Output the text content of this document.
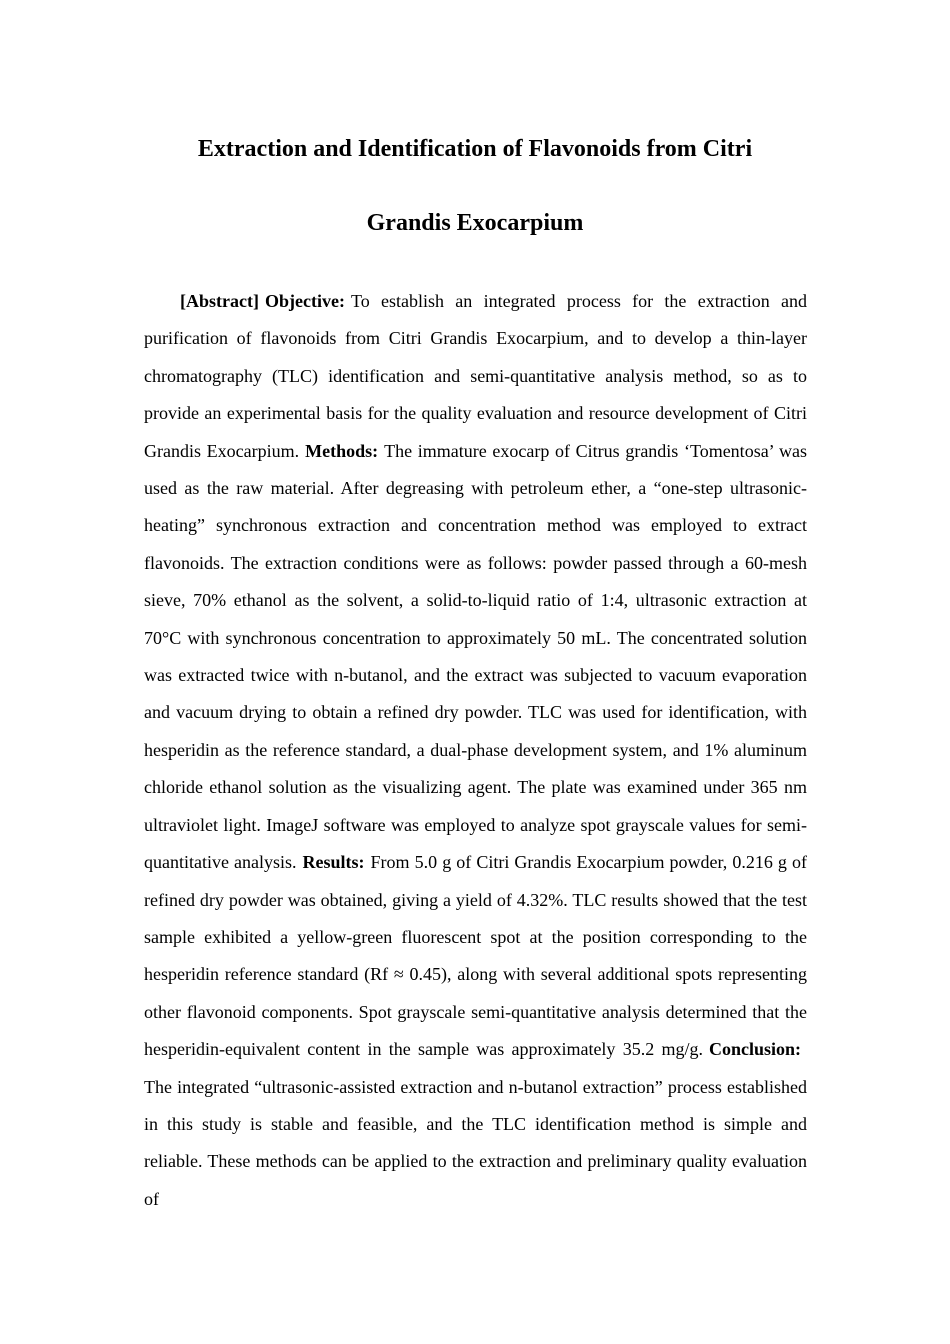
Extraction and Identification of Flavonoids from Citri
Grandis Exocarpium

[Abstract] Objective: To establish an integrated process for the extraction and purification of flavonoids from Citri Grandis Exocarpium, and to develop a thin-layer chromatography (TLC) identification and semi-quantitative analysis method, so as to provide an experimental basis for the quality evaluation and resource development of Citri Grandis Exocarpium. Methods: The immature exocarp of Citrus grandis ‘Tomentosa’ was used as the raw material. After degreasing with petroleum ether, a “one-step ultrasonic-heating” synchronous extraction and concentration method was employed to extract flavonoids. The extraction conditions were as follows: powder passed through a 60-mesh sieve, 70% ethanol as the solvent, a solid-to-liquid ratio of 1:4, ultrasonic extraction at 70°C with synchronous concentration to approximately 50 mL. The concentrated solution was extracted twice with n-butanol, and the extract was subjected to vacuum evaporation and vacuum drying to obtain a refined dry powder. TLC was used for identification, with hesperidin as the reference standard, a dual-phase development system, and 1% aluminum chloride ethanol solution as the visualizing agent. The plate was examined under 365 nm ultraviolet light. ImageJ software was employed to analyze spot grayscale values for semi-quantitative analysis. Results: From 5.0 g of Citri Grandis Exocarpium powder, 0.216 g of refined dry powder was obtained, giving a yield of 4.32%. TLC results showed that the test sample exhibited a yellow-green fluorescent spot at the position corresponding to the hesperidin reference standard (Rf ≈ 0.45), along with several additional spots representing other flavonoid components. Spot grayscale semi-quantitative analysis determined that the hesperidin-equivalent content in the sample was approximately 35.2 mg/g. Conclusion:The integrated “ultrasonic-assisted extraction and n-butanol extraction” process established in this study is stable and feasible, and the TLC identification method is simple and reliable. These methods can be applied to the extraction and preliminary quality evaluation of
